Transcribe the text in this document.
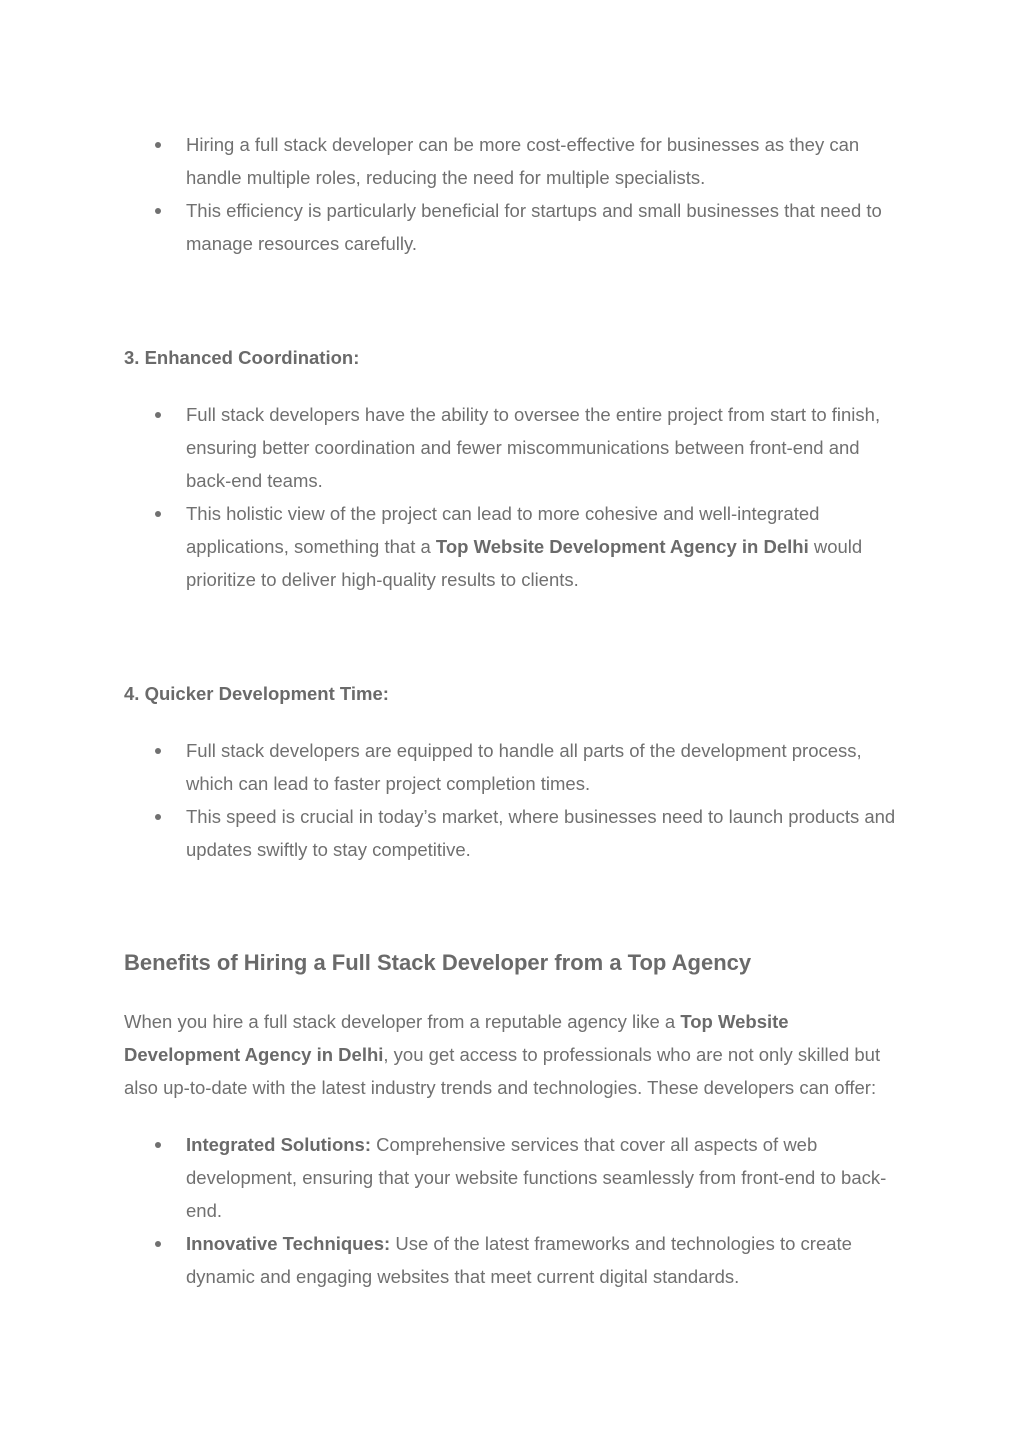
Hiring a full stack developer can be more cost-effective for businesses as they can handle multiple roles, reducing the need for multiple specialists.
This efficiency is particularly beneficial for startups and small businesses that need to manage resources carefully.
3. Enhanced Coordination:
Full stack developers have the ability to oversee the entire project from start to finish, ensuring better coordination and fewer miscommunications between front-end and back-end teams.
This holistic view of the project can lead to more cohesive and well-integrated applications, something that a Top Website Development Agency in Delhi would prioritize to deliver high-quality results to clients.
4. Quicker Development Time:
Full stack developers are equipped to handle all parts of the development process, which can lead to faster project completion times.
This speed is crucial in today’s market, where businesses need to launch products and updates swiftly to stay competitive.
Benefits of Hiring a Full Stack Developer from a Top Agency

When you hire a full stack developer from a reputable agency like a Top Website Development Agency in Delhi, you get access to professionals who are not only skilled but also up-to-date with the latest industry trends and technologies. These developers can offer:

Integrated Solutions: Comprehensive services that cover all aspects of web development, ensuring that your website functions seamlessly from front-end to back-end.
Innovative Techniques: Use of the latest frameworks and technologies to create dynamic and engaging websites that meet current digital standards.
